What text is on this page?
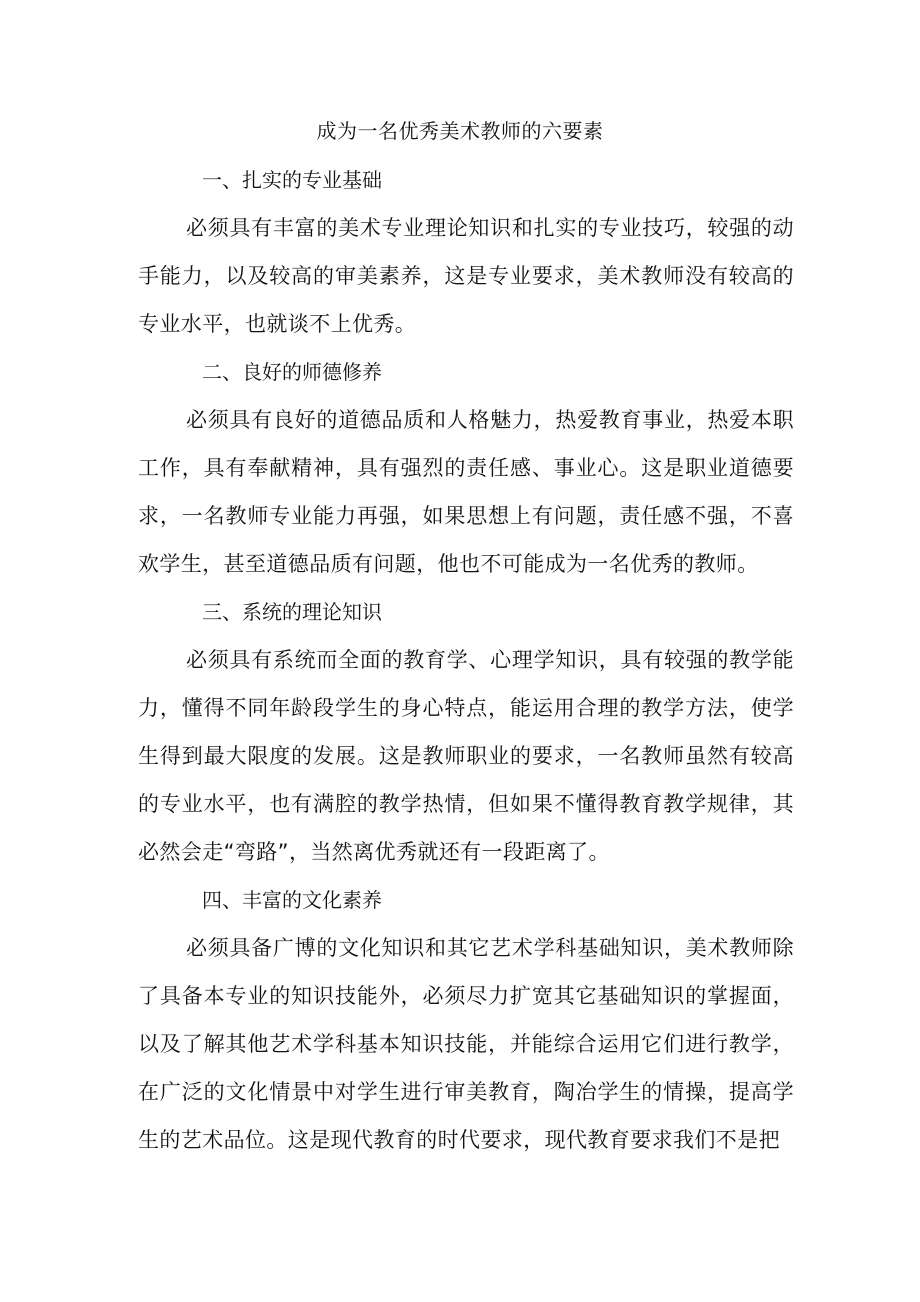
成为一名优秀美术教师的六要素

一、扎实的专业基础

必须具有丰富的美术专业理论知识和扎实的专业技巧，较强的动手能力，以及较高的审美素养，这是专业要求，美术教师没有较高的专业水平，也就谈不上优秀。

二、良好的师德修养

必须具有良好的道德品质和人格魅力，热爱教育事业，热爱本职工作，具有奉献精神，具有强烈的责任感、事业心。这是职业道德要求，一名教师专业能力再强，如果思想上有问题，责任感不强，不喜欢学生，甚至道德品质有问题，他也不可能成为一名优秀的教师。

三、系统的理论知识

必须具有系统而全面的教育学、心理学知识，具有较强的教学能力，懂得不同年龄段学生的身心特点，能运用合理的教学方法，使学生得到最大限度的发展。这是教师职业的要求，一名教师虽然有较高的专业水平，也有满腔的教学热情，但如果不懂得教育教学规律，其必然会走“弯路”，当然离优秀就还有一段距离了。

四、丰富的文化素养

必须具备广博的文化知识和其它艺术学科基础知识，美术教师除了具备本专业的知识技能外，必须尽力扩宽其它基础知识的掌握面，以及了解其他艺术学科基本知识技能，并能综合运用它们进行教学，在广泛的文化情景中对学生进行审美教育，陶冶学生的情操，提高学生的艺术品位。这是现代教育的时代要求，现代教育要求我们不是把
